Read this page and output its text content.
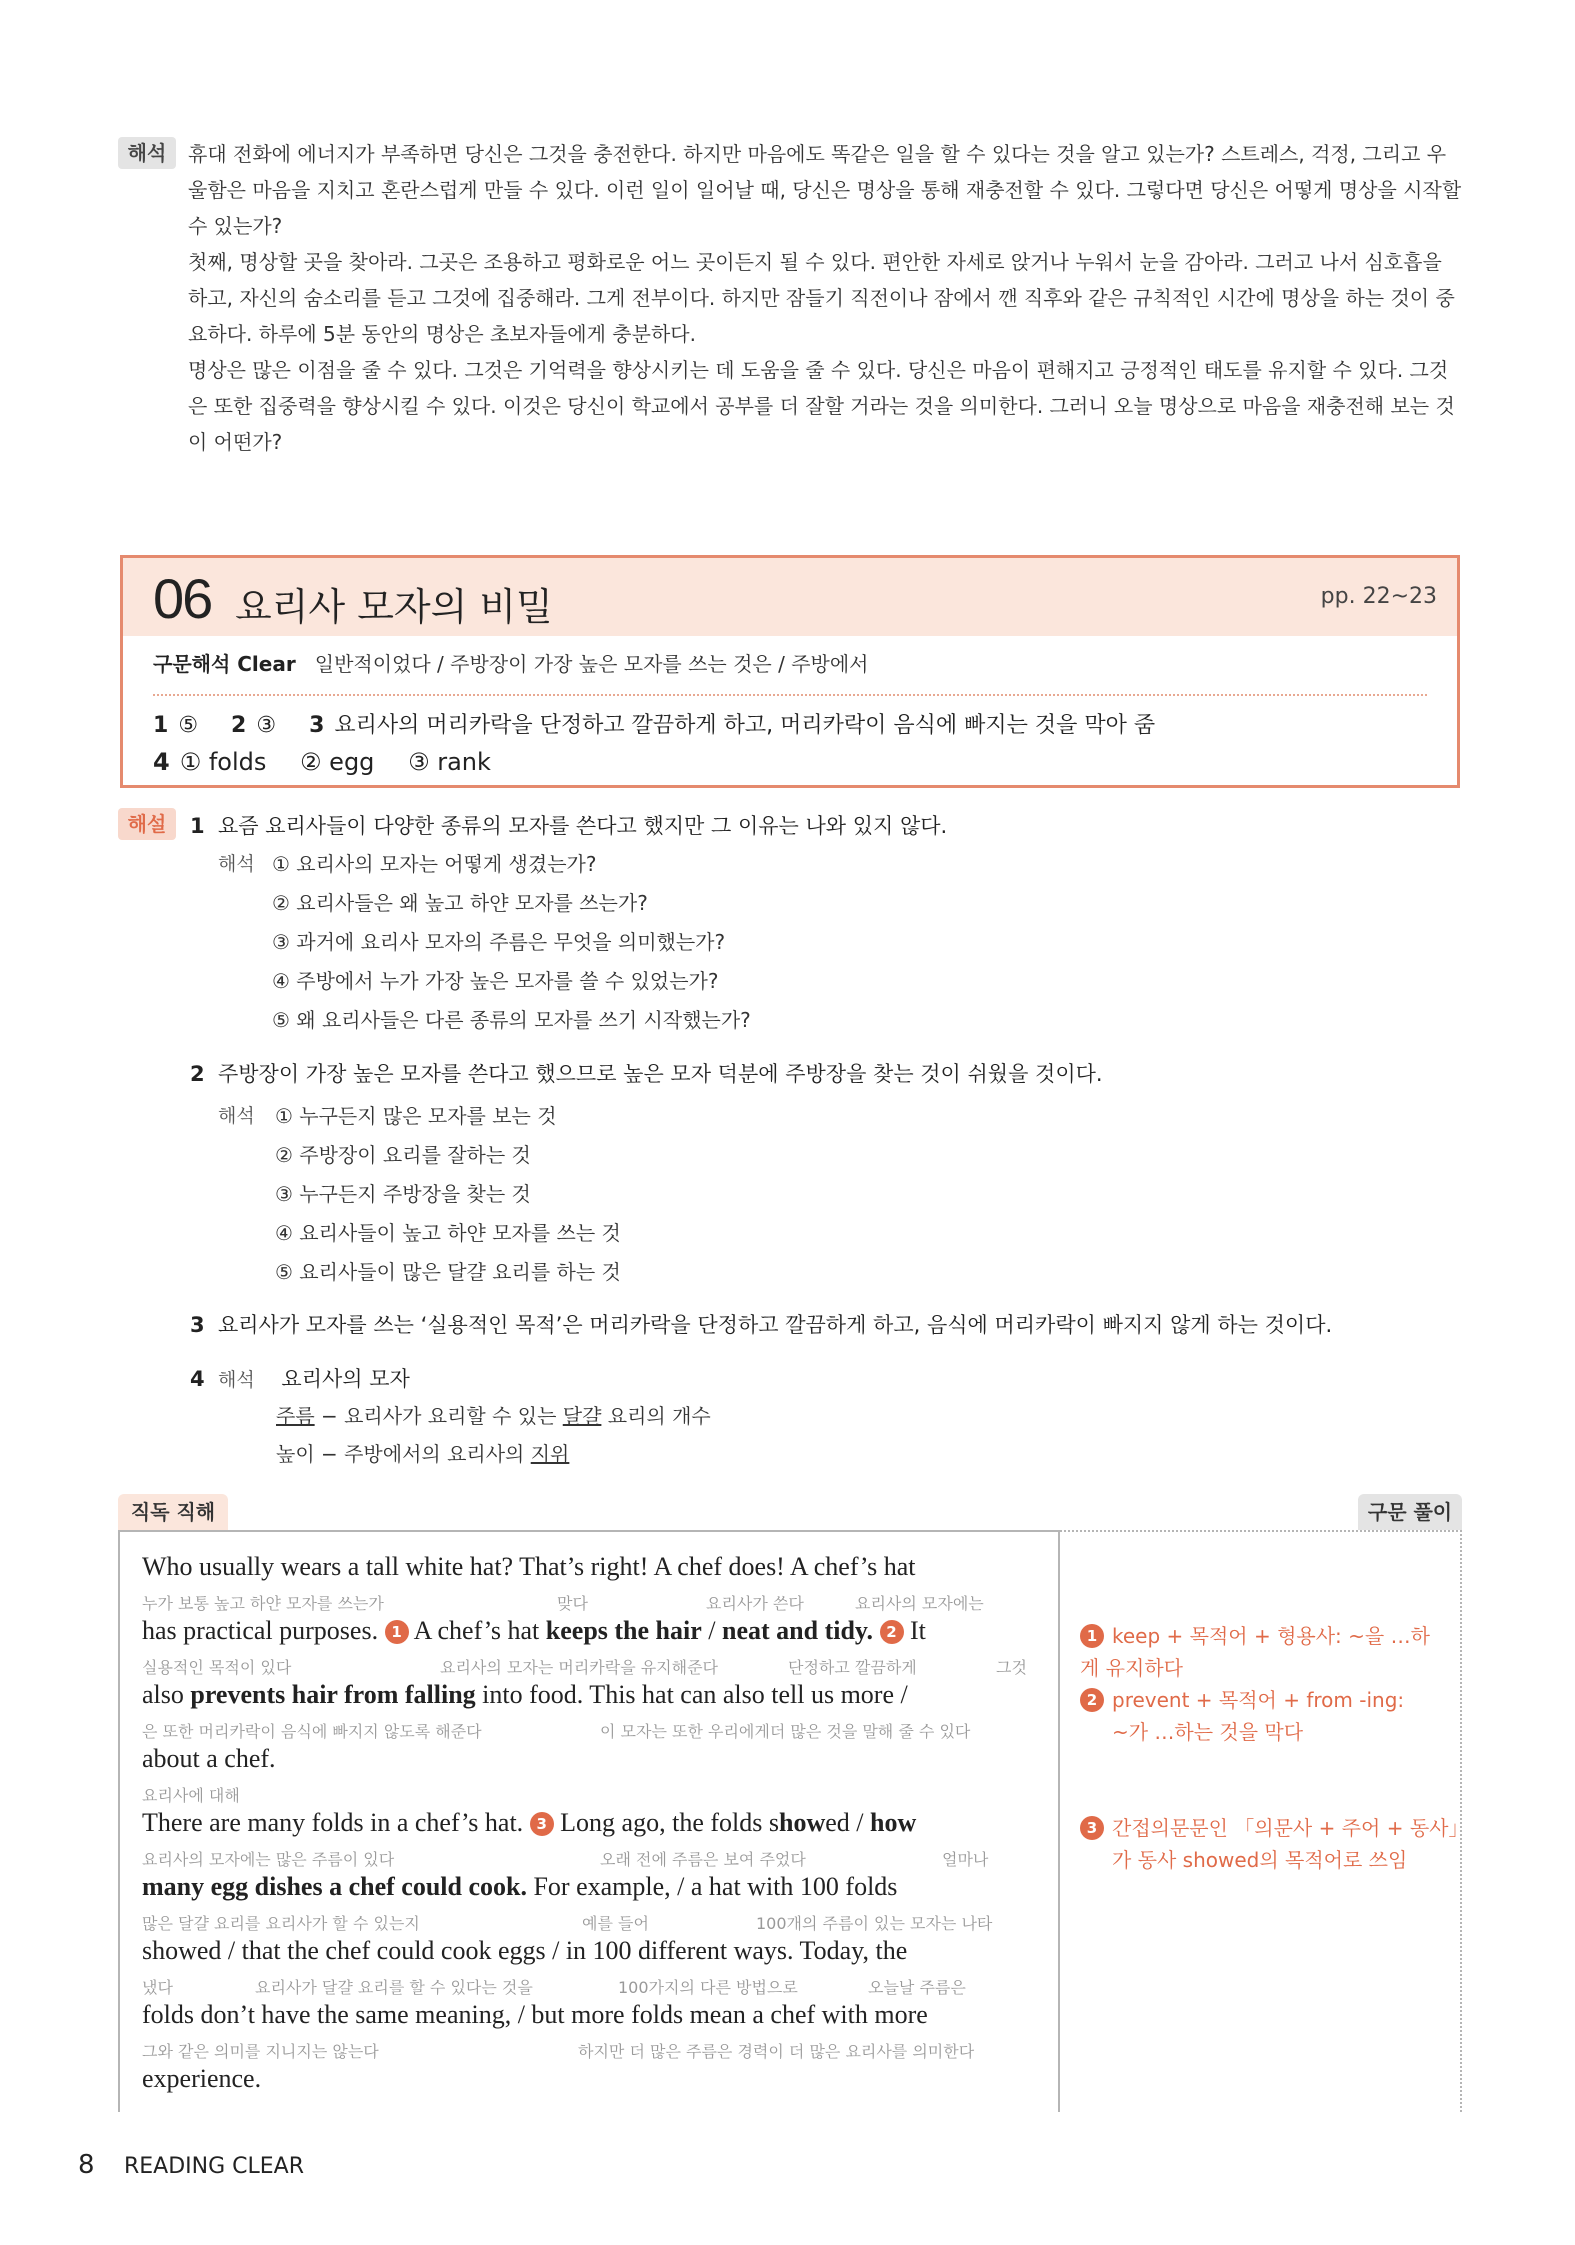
해석	휴대 전화에 에너지가 부족하면 당신은 그것을 충전한다. 하지만 마음에도 똑같은 일을 할 수 있다는 것을 알고 있는가? 스트레스, 걱정, 그리고 우울함은 마음을 지치고 혼란스럽게 만들 수 있다. 이런 일이 일어날 때, 당신은 명상을 통해 재충전할 수 있다. 그렇다면 당신은 어떻게 명상을 시작할 수 있는가?

첫째, 명상할 곳을 찾아라. 그곳은 조용하고 평화로운 어느 곳이든지 될 수 있다. 편안한 자세로 앉거나 누워서 눈을 감아라. 그러고 나서 심호흡을 하고, 자신의 숨소리를 듣고 그것에 집중해라. 그게 전부이다. 하지만 잠들기 직전이나 잠에서 깬 직후와 같은 규칙적인 시간에 명상을 하는 것이 중요하다. 하루에 5분 동안의 명상은 초보자들에게 충분하다.

명상은 많은 이점을 줄 수 있다. 그것은 기억력을 향상시키는 데 도움을 줄 수 있다. 당신은 마음이 편해지고 긍정적인 태도를 유지할 수 있다. 그것은 또한 집중력을 향상시킬 수 있다. 이것은 당신이 학교에서 공부를 더 잘할 거라는 것을 의미한다. 그러니 오늘 명상으로 마음을 재충전해 보는 것이 어떤가?

06 요리사 모자의 비밀	pp. 22~23
구문해석 Clear 일반적이었다 / 주방장이 가장 높은 모자를 쓰는 것은 / 주방에서
1 ⑤ 2 ③ 3 요리사의 머리카락을 단정하고 깔끔하게 하고, 머리카락이 음식에 빠지는 것을 막아 줌
4 ① folds ② egg ③ rank
해설	1 요즘 요리사들이 다양한 종류의 모자를 쓴다고 했지만 그 이유는 나와 있지 않다.
해석 ① 요리사의 모자는 어떻게 생겼는가?
② 요리사들은 왜 높고 하얀 모자를 쓰는가?
③ 과거에 요리사 모자의 주름은 무엇을 의미했는가?
④ 주방에서 누가 가장 높은 모자를 쓸 수 있었는가?
⑤ 왜 요리사들은 다른 종류의 모자를 쓰기 시작했는가?
2 주방장이 가장 높은 모자를 쓴다고 했으므로 높은 모자 덕분에 주방장을 찾는 것이 쉬웠을 것이다.
해석 ① 누구든지 많은 모자를 보는 것
② 주방장이 요리를 잘하는 것
③ 누구든지 주방장을 찾는 것
④ 요리사들이 높고 하얀 모자를 쓰는 것
⑤ 요리사들이 많은 달걀 요리를 하는 것
3 요리사가 모자를 쓰는 ‘실용적인 목적’은 머리카락을 단정하고 깔끔하게 하고, 음식에 머리카락이 빠지지 않게 하는 것이다.
4 해석 요리사의 모자
주름 − 요리사가 요리할 수 있는 달걀 요리의 개수
높이 − 주방에서의 요리사의 지위
직독 직해	구문 풀이
Who usually wears a tall white hat? That’s right! A chef does! A chef’s hat
has practical purposes. 1 A chef’s hat keeps the hair / neat and tidy. 2 It
also prevents hair from falling into food. This hat can also tell us more /
about a chef.
There are many folds in a chef’s hat. 3 Long ago, the folds showed / how
many egg dishes a chef could cook. For example, / a hat with 100 folds
showed / that the chef could cook eggs / in 100 different ways. Today, the
folds don’t have the same meaning, / but more folds mean a chef with more
experience.
누가 보통 높고 하얀 모자를 쓰는가	맞다	요리사가 쓴다	요리사의 모자에는
실용적인 목적이 있다	요리사의 모자는 머리카락을 유지해준다	단정하고 깔끔하게	그것
은 또한 머리카락이 음식에 빠지지 않도록 해준다	이 모자는 또한 우리에게더 많은 것을 말해 줄 수 있다
요리사에 대해
요리사의 모자에는 많은 주름이 있다	오래 전에 주름은 보여 주었다	얼마나
많은 달걀 요리를 요리사가 할 수 있는지	예를 들어	100개의 주름이 있는 모자는 나타
냈다	요리사가 달걀 요리를 할 수 있다는 것을	100가지의 다른 방법으로	오늘날 주름은
그와 같은 의미를 지니지는 않는다	하지만 더 많은 주름은 경력이 더 많은 요리사를 의미한다
1 keep + 목적어 + 형용사: ~을 …하
게 유지하다
2 prevent + 목적어 + from -ing:
~가 …하는 것을 막다
3 간접의문문인 「의문사 + 주어 + 동사」
가 동사 showed의 목적어로 쓰임
8 READING CLEAR
